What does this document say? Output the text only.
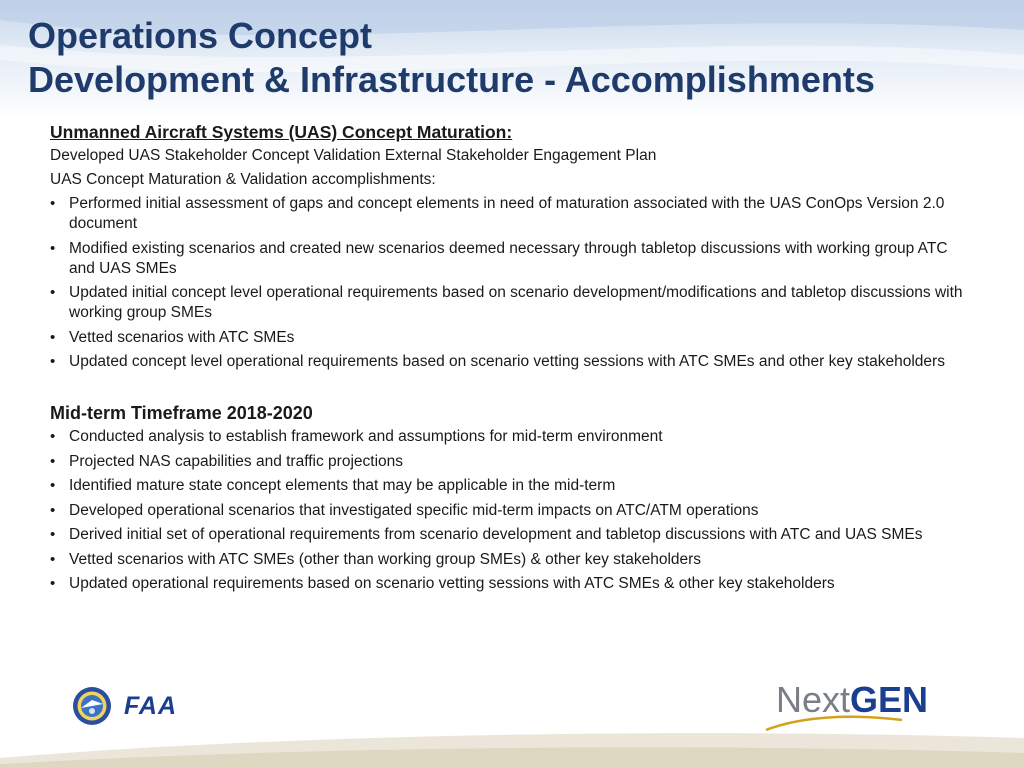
Operations Concept
Development & Infrastructure - Accomplishments
Unmanned Aircraft Systems (UAS) Concept Maturation:
Developed UAS Stakeholder Concept Validation External Stakeholder Engagement Plan
UAS Concept Maturation & Validation accomplishments:
• Performed initial assessment of gaps and concept elements in need of maturation associated with the UAS ConOps Version 2.0 document
• Modified existing scenarios and created new scenarios deemed necessary through tabletop discussions with working group ATC and UAS SMEs
• Updated initial concept level operational requirements based on scenario development/modifications and tabletop discussions with working group SMEs
• Vetted scenarios with ATC SMEs
• Updated concept level operational requirements based on scenario vetting sessions with ATC SMEs and other key stakeholders
Mid-term Timeframe 2018-2020
• Conducted analysis to establish framework and assumptions for mid-term environment
• Projected NAS capabilities and traffic projections
• Identified mature state concept elements that may be applicable in the mid-term
• Developed operational scenarios that investigated specific mid-term impacts on ATC/ATM operations
• Derived initial set of operational requirements from scenario development and tabletop discussions with ATC and UAS SMEs
• Vetted scenarios with ATC SMEs (other than working group SMEs) & other key stakeholders
• Updated operational requirements based on scenario vetting sessions with ATC SMEs & other key stakeholders
FAA	NextGEN
